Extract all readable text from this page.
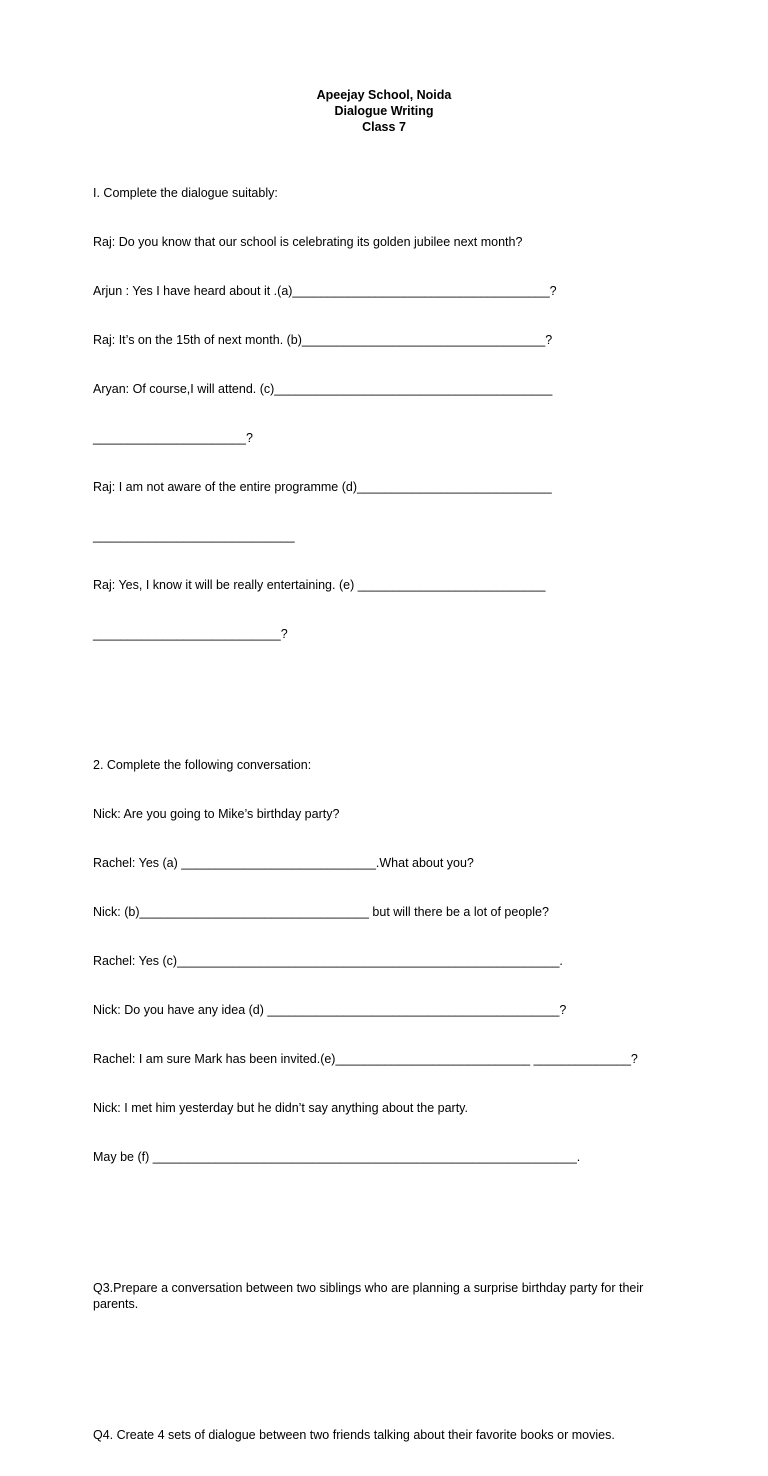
Apeejay School, Noida
Dialogue Writing
Class 7

I. Complete the dialogue suitably:

Raj: Do you know that our school is celebrating its golden jubilee next month?

Arjun : Yes I have heard about it .(a)_____________________________________?

Raj: It’s on the 15th of next month. (b)___________________________________?

Aryan: Of course,I will attend. (c)________________________________________

______________________?

Raj: I am not aware of the entire programme (d)____________________________

_____________________________

Raj: Yes, I know it will be really entertaining. (e) ___________________________

___________________________?

2. Complete the following conversation:

Nick: Are you going to Mike’s birthday party?

Rachel: Yes (a) ____________________________.What about you?

Nick: (b)_________________________________ but will there be a lot of people?

Rachel: Yes (c)_______________________________________________________.

Nick: Do you have any idea (d) __________________________________________?

Rachel: I am sure Mark has been invited.(e)____________________________ ______________?

Nick: I met him yesterday but he didn’t say anything about the party.

May be (f) _____________________________________________________________.

Q3.Prepare a conversation between two siblings who are planning a surprise birthday party for their parents.

Q4. Create 4 sets of dialogue between two friends talking about their favorite books or movies.
